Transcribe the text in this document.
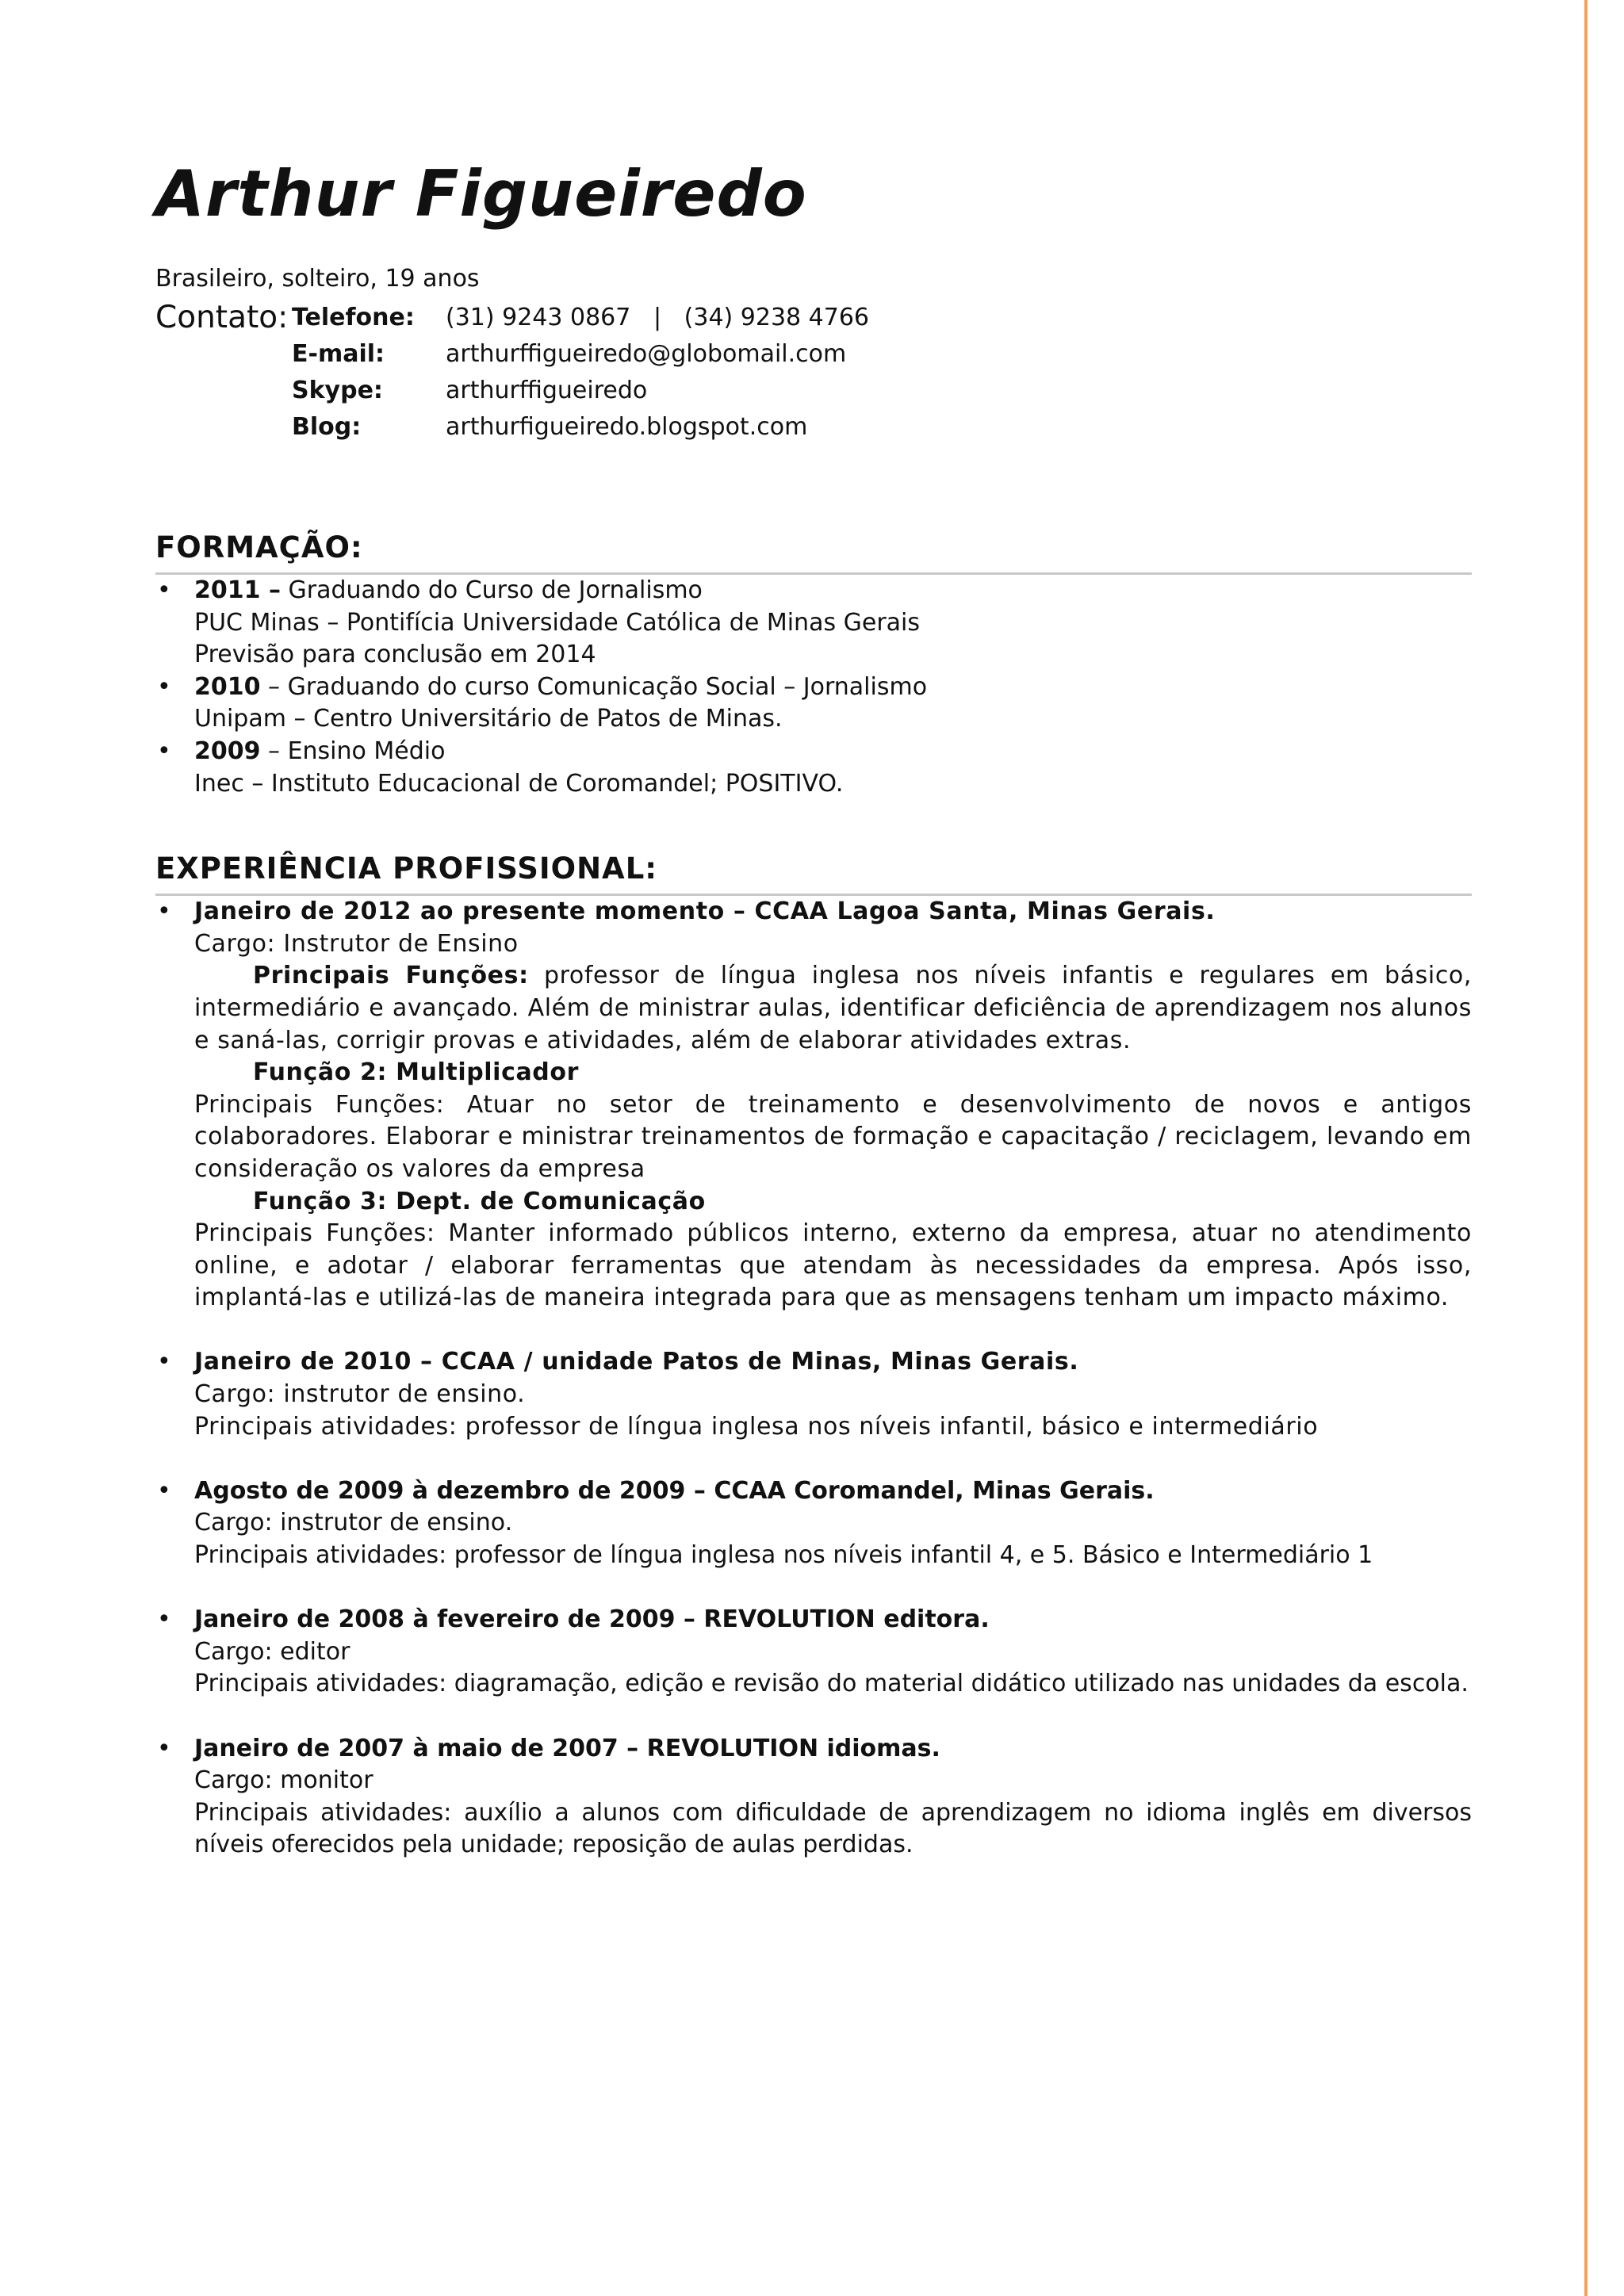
Arthur Figueiredo
Brasileiro, solteiro, 19 anos
Contato: Telefone:	(31) 9243 0867   |   (34) 9238 4766
E-mail:	arthurffigueiredo@globomail.com
Skype:	arthurffigueiredo
Blog:	arthurfigueiredo.blogspot.com
FORMAÇÃO:
• 2011 – Graduando do Curso de Jornalismo
PUC Minas – Pontifícia Universidade Católica de Minas Gerais
Previsão para conclusão em 2014
• 2010 – Graduando do curso Comunicação Social – Jornalismo
Unipam – Centro Universitário de Patos de Minas.
• 2009 – Ensino Médio
Inec – Instituto Educacional de Coromandel; POSITIVO.
EXPERIÊNCIA PROFISSIONAL:
• Janeiro de 2012 ao presente momento – CCAA Lagoa Santa, Minas Gerais.
Cargo: Instrutor de Ensino
Principais Funções: professor de língua inglesa nos níveis infantis e regulares em básico, intermediário e avançado. Além de ministrar aulas, identificar deficiência de aprendizagem nos alunos e saná-las, corrigir provas e atividades, além de elaborar atividades extras.
Função 2: Multiplicador
Principais Funções: Atuar no setor de treinamento e desenvolvimento de novos e antigos colaboradores. Elaborar e ministrar treinamentos de formação e capacitação / reciclagem, levando em consideração os valores da empresa
Função 3: Dept. de Comunicação
Principais Funções: Manter informado públicos interno, externo da empresa, atuar no atendimento online, e adotar / elaborar ferramentas que atendam às necessidades da empresa. Após isso, implantá-las e utilizá-las de maneira integrada para que as mensagens tenham um impacto máximo.
• Janeiro de 2010 – CCAA / unidade Patos de Minas, Minas Gerais.
Cargo: instrutor de ensino.
Principais atividades: professor de língua inglesa nos níveis infantil, básico e intermediário
• Agosto de 2009 à dezembro de 2009 – CCAA Coromandel, Minas Gerais.
Cargo: instrutor de ensino.
Principais atividades: professor de língua inglesa nos níveis infantil 4, e 5. Básico e Intermediário 1
• Janeiro de 2008 à fevereiro de 2009 – REVOLUTION editora.
Cargo: editor
Principais atividades: diagramação, edição e revisão do material didático utilizado nas unidades da escola.
• Janeiro de 2007 à maio de 2007 – REVOLUTION idiomas.
Cargo: monitor
Principais atividades: auxílio a alunos com dificuldade de aprendizagem no idioma inglês em diversos níveis oferecidos pela unidade; reposição de aulas perdidas.
